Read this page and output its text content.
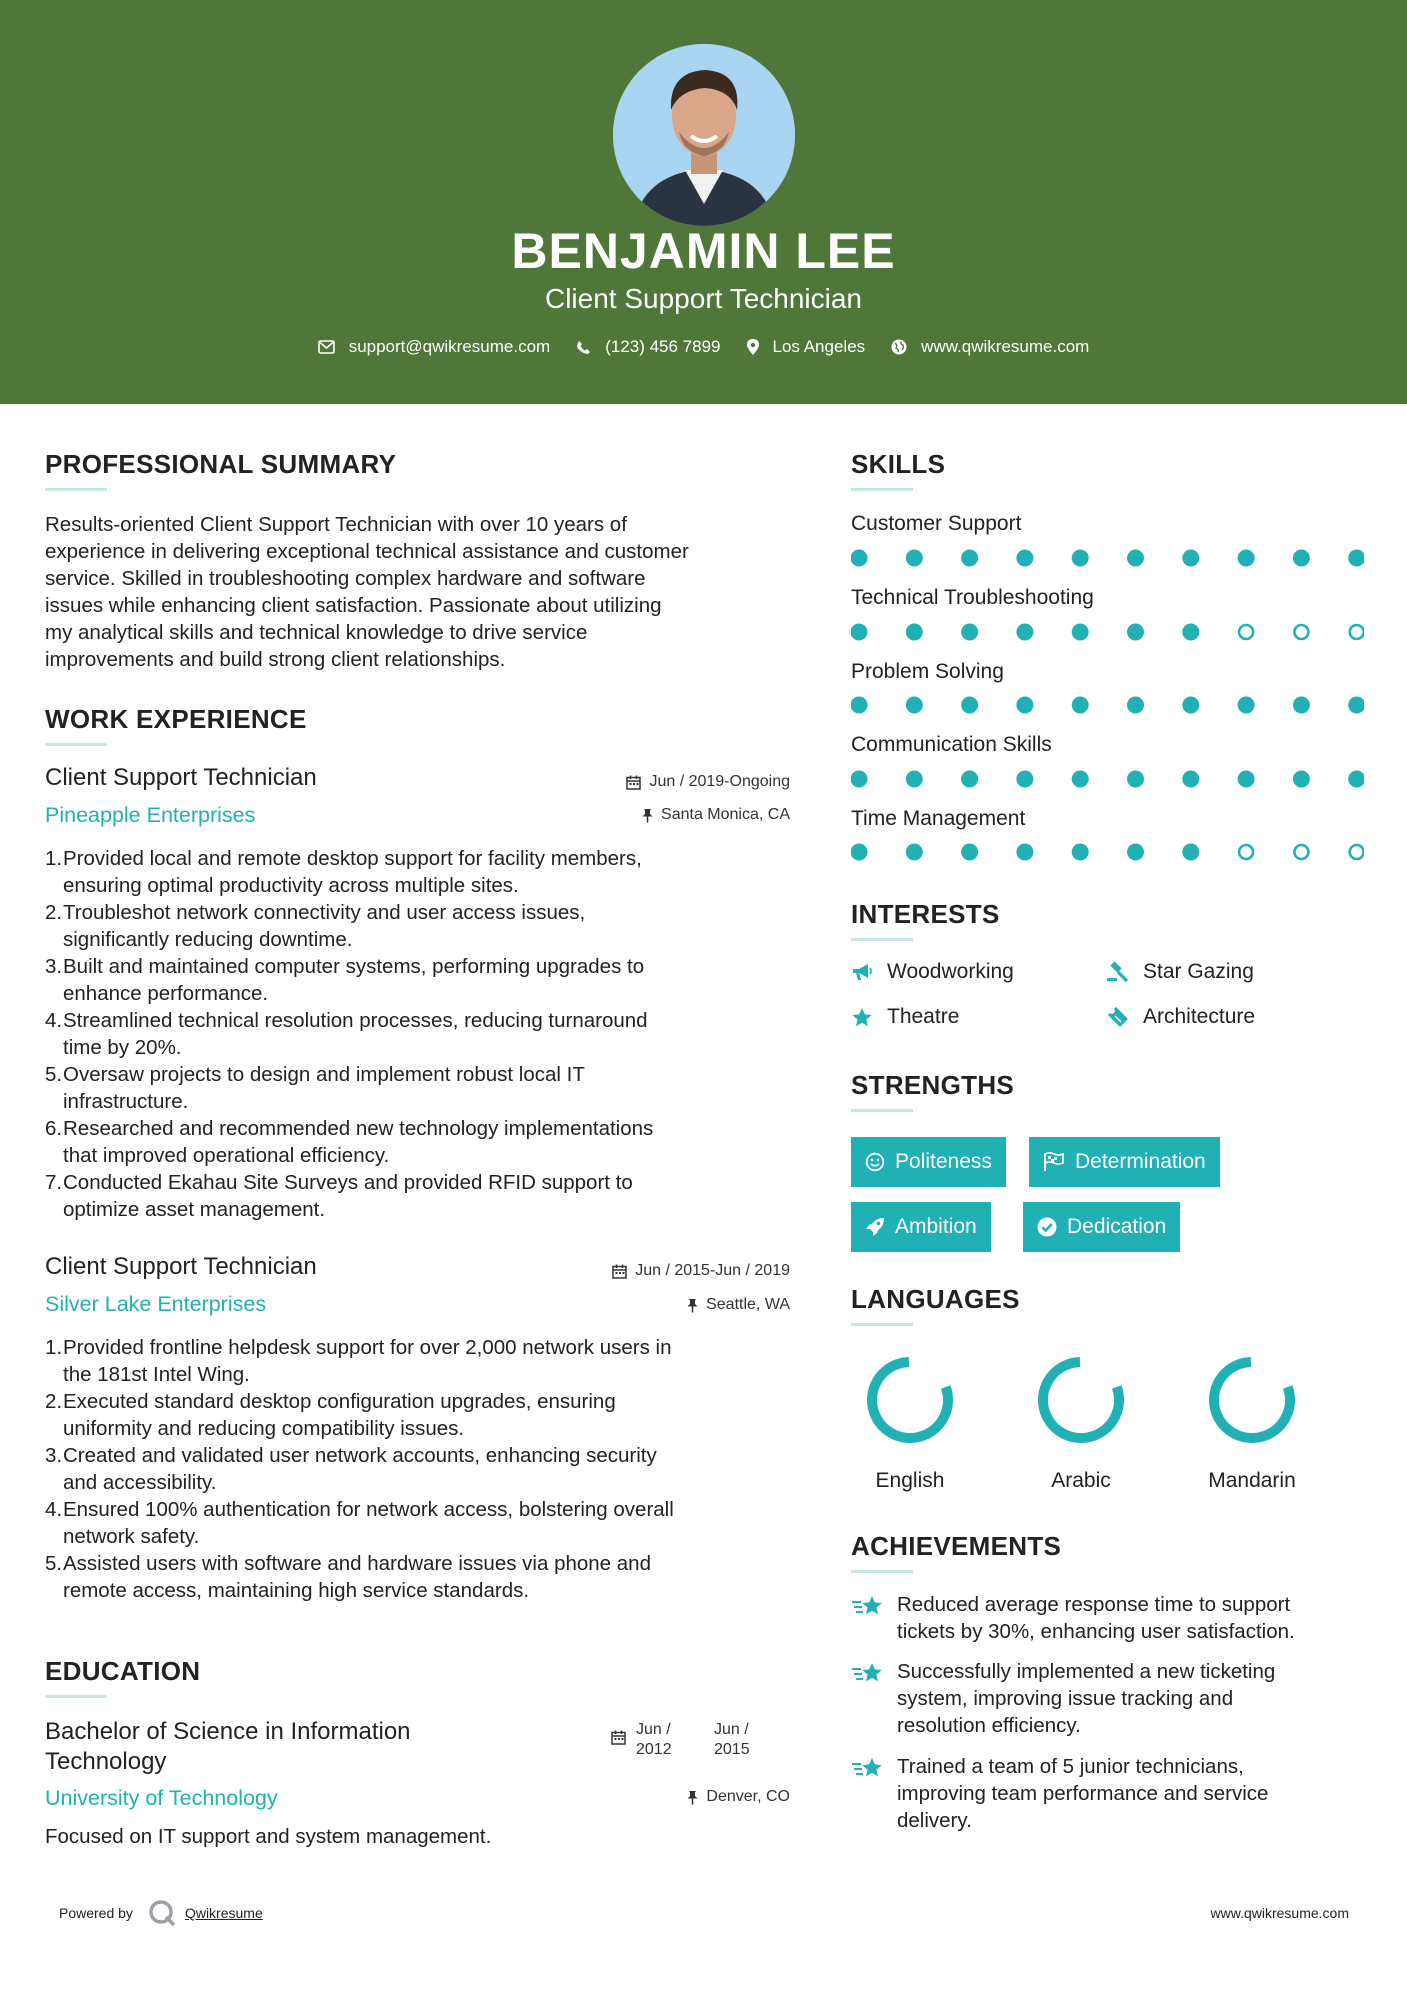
BENJAMIN LEE
Client Support Technician
support@qwikresume.com	(123) 456 7899	Los Angeles	www.qwikresume.com
PROFESSIONAL SUMMARY
Results-oriented Client Support Technician with over 10 years of
experience in delivering exceptional technical assistance and customer
service. Skilled in troubleshooting complex hardware and software
issues while enhancing client satisfaction. Passionate about utilizing
my analytical skills and technical knowledge to drive service
improvements and build strong client relationships.
WORK EXPERIENCE
Client Support Technician
Pineapple Enterprises
Jun / 2019-Ongoing
Santa Monica, CA
1. Provided local and remote desktop support for facility members,
ensuring optimal productivity across multiple sites.
2. Troubleshot network connectivity and user access issues,
significantly reducing downtime.
3. Built and maintained computer systems, performing upgrades to
enhance performance.
4. Streamlined technical resolution processes, reducing turnaround
time by 20%.
5. Oversaw projects to design and implement robust local IT
infrastructure.
6. Researched and recommended new technology implementations
that improved operational efficiency.
7. Conducted Ekahau Site Surveys and provided RFID support to
optimize asset management.
Client Support Technician
Silver Lake Enterprises
Jun / 2015-Jun / 2019
Seattle, WA
1. Provided frontline helpdesk support for over 2,000 network users in
the 181st Intel Wing.
2. Executed standard desktop configuration upgrades, ensuring
uniformity and reducing compatibility issues.
3. Created and validated user network accounts, enhancing security
and accessibility.
4. Ensured 100% authentication for network access, bolstering overall
network safety.
5. Assisted users with software and hardware issues via phone and
remote access, maintaining high service standards.
EDUCATION
Bachelor of Science in Information
Technology
University of Technology
Jun /
2012
Jun /
2015
Denver, CO
Focused on IT support and system management.
SKILLS
Customer Support
Technical Troubleshooting
Problem Solving
Communication Skills
Time Management
INTERESTS
Woodworking	Star Gazing
Theatre	Architecture
STRENGTHS
Politeness	Determination
Ambition	Dedication
LANGUAGES
English	Arabic	Mandarin
ACHIEVEMENTS
Reduced average response time to support
tickets by 30%, enhancing user satisfaction.
Successfully implemented a new ticketing
system, improving issue tracking and
resolution efficiency.
Trained a team of 5 junior technicians,
improving team performance and service
delivery.
Powered by	Qwikresume	www.qwikresume.com
